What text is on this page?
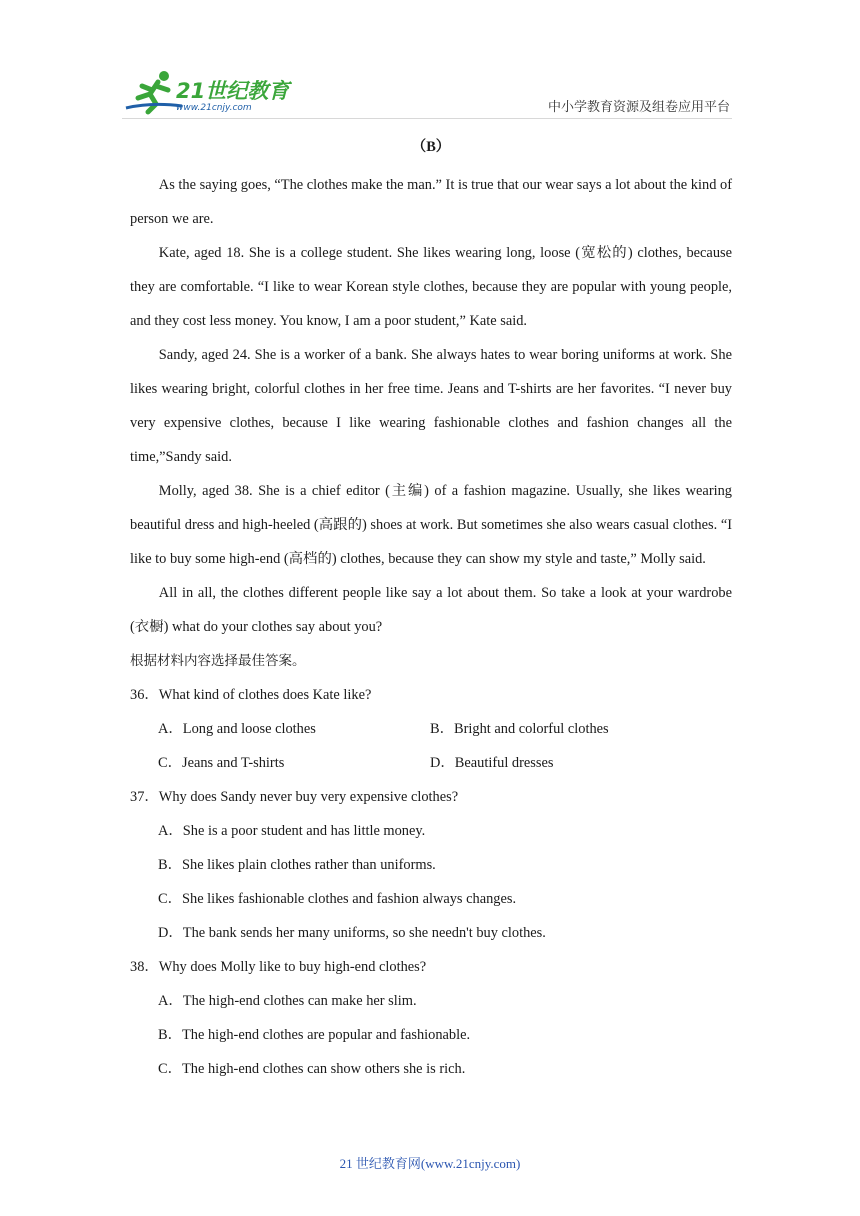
21世纪教育
www.21cnjy.com	中小学教育资源及组卷应用平台
（B）

As the saying goes, “The clothes make the man.” It is true that our wear says a lot about the kind of person we are.

Kate, aged 18. She is a college student. She likes wearing long, loose (宽松的) clothes, because they are comfortable. “I like to wear Korean style clothes, because they are popular with young people, and they cost less money. You know, I am a poor student,” Kate said.

Sandy, aged 24. She is a worker of a bank. She always hates to wear boring uniforms at work. She likes wearing bright, colorful clothes in her free time. Jeans and T-shirts are her favorites. “I never buy very expensive clothes, because I like wearing fashionable clothes and fashion changes all the time,”Sandy said.

Molly, aged 38. She is a chief editor (主编) of a fashion magazine. Usually, she likes wearing beautiful dress and high-heeled (高跟的) shoes at work. But sometimes she also wears casual clothes. “I like to buy some high-end (高档的) clothes, because they can show my style and taste,” Molly said.

All in all, the clothes different people like say a lot about them. So take a look at your wardrobe (衣橱) what do your clothes say about you?

根据材料内容选择最佳答案。

36．What kind of clothes does Kate like?

A．Long and loose clothes	B．Bright and colorful clothes
C．Jeans and T-shirts	D．Beautiful dresses

37．Why does Sandy never buy very expensive clothes?

A．She is a poor student and has little money.

B．She likes plain clothes rather than uniforms.

C．She likes fashionable clothes and fashion always changes.

D．The bank sends her many uniforms, so she needn't buy clothes.

38．Why does Molly like to buy high-end clothes?

A．The high-end clothes can make her slim.

B．The high-end clothes are popular and fashionable.

C．The high-end clothes can show others she is rich.

21 世纪教育网(www.21cnjy.com)
